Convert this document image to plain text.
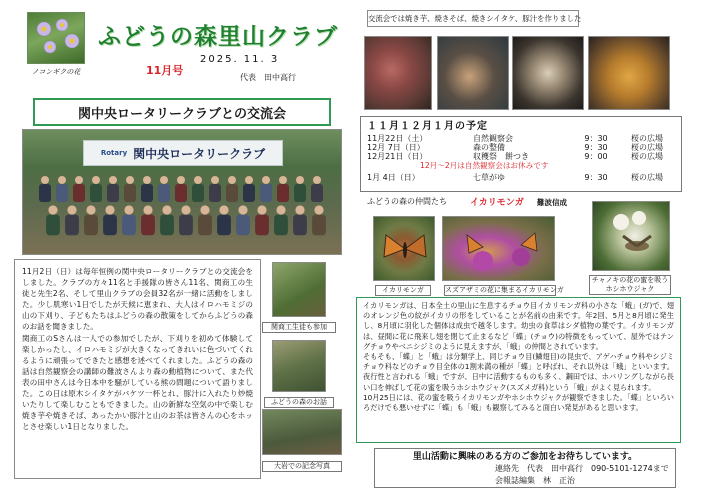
ノコンギクの花
ふどうの森里山クラブ
2025. 11. 3
11月号
代表　田中高行
関中央ロータリークラブとの交流会
Rotary 関中央ロータリークラブ

11月2日（日）は毎年恒例の関中央ロータリークラブとの交流会をしました。クラブの方々11名と手援隊の皆さん11名、関商工の生徒と先生2名、そして里山クラブの会員32名が一緒に活動をしました。少し肌寒い1日でしたが天候に恵まれ、大人はイロハモミジの山の下刈り、子どもたちはふどうの森の散策をしてからふどうの森のお話を聞きました。

関商工のSさんは一人での参加でしたが、下刈りを初めて体験して楽しかったし、イロハモミジが大きくなってきれいに色づいてくれるように頑張ってできたと感想を述べてくれました。ふどうの森の話は自然観察会の講師の難波さんより森の動植物について、また代表の田中さんは今日本中を騒がしている熊の問題について語りました。この日は原木シイタケがバケツ一杯とれ、豚汁に入れたり炒焼いたりして楽しむこともできました。山の新鮮な空気の中で楽しむ焼き芋や焼きそば、あったかい豚汁と山のお茶は皆さんの心をホッとさせ楽しい1日となりました。

関商工生徒も参加
ふどうの森のお話
大岩での記念写真
交流会では焼き芋、焼きそば、焼きシイタケ、豚汁を作りました
１１月１２月１月の予定
11月22日（土）	自然観察会	9：30	桜の広場
12月 7日（日）	森の整備	9：30	桜の広場
12月21日（日）	収穫祭　餅つき	9：00	桜の広場
12月～2月は自然観察会はお休みです
1月 4日（日）	七草がゆ	9：30	桜の広場
ふどうの森の仲間たち	イカリモンガ 難波信成
イカリモンガ	スズアザミの花に集まるイカリモンガ
チャノキの花の蜜を吸う
ホシホウジャク

イカリモンガは、日本全土の里山に生息するチョウ目イカリモンガ科の小さな「蛾」(ガ)で、翅のオレンジ色の紋がイカリの形をしていることが名前の由来です。年2回、5月と8月頃に発生し、8月頃に羽化した個体は成虫で越冬します。幼虫の食草はシダ植物の葉です。イカリモンガは、昼間に花に飛来し翅を閉じて止まるなど「蝶」(チョウ)の特徴をもっていて、屋外ではテングチョウやベニシジミのように見えますが、「蛾」の仲間とされています。

そもそも、「蝶」と「蛾」は分類学上、同じチョウ目(鱗翅目)の昆虫で、アゲハチョウ科やシジミチョウ科などのチョウ目全体の1割未満の種が「蝶」と呼ばれ、それ以外は「蛾」といいます。夜行性と言われる「蛾」ですが、日中に活動するものも多く、鋼田では、ホバリングしながら長い口を伸ばして花の蜜を吸うホシホウジャク(スズメガ科)という「蛾」がよく見られます。

10月25日には、花の蜜を吸うイカリモンガやホシホウジャクが観察できました。「蝶」といろいろだけでも悪いせずに「蝶」も「蛾」も観察してみると面白い発見があると思います。

里山活動に興味のある方のご参加をお待ちしています。
連絡先　代表　田中高行　090-5101-1274まで
会報誌編集　林　正治
